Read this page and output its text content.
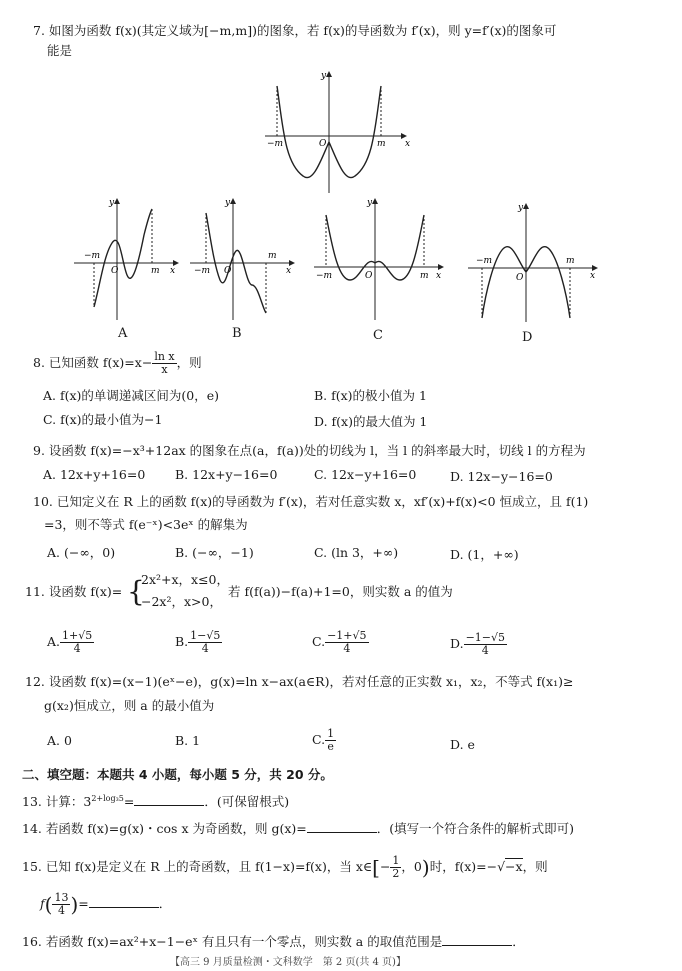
7. 如图为函数 f(x)(其定义域为[−m,m])的图象，若 f(x)的导函数为 f′(x)，则 y=f′(x)的图象可
能是
−m	m
O	x
y
−m
m
O	x
y
−m
m
O	x
y
−m	m
O	x
y
−m	m
O	x
y
A	B	C	D
8. 已知函数 $f(x)=x- \frac{\text{ln x}}{x}$ ，则
A. f(x)的单调递减区间为(0，e)	B. f(x)的极小值为 1
C. f(x)的最小值为−1	D. f(x)的最大值为 1
9. 设函数 f(x)=−x³+12ax 的图象在点(a，f(a))处的切线为 l，当 l 的斜率最大时，切线 l 的方程为
A. 12x+y+16=0 B. 12x+y−16=0	C. 12x−y+16=0	D. 12x−y−16=0
10. 已知定义在 R 上的函数 f(x)的导函数为 f′(x)，若对任意实数 x，xf′(x)+f(x)<0 恒成立，且 f(1)
=3，则不等式 f(e⁻ˣ)<3eˣ 的解集为
A. (−∞，0)	B. (−∞，−1)	C. (ln 3，+∞)	D. (1，+∞)
11. 设函数 f(x)= {
2x²+x，x≤0，
−2x²，x>0，
若 f(f(a))−f(a)+1=0，则实数 a 的值为
A. $\frac{1+√5}{4}$	B. $\frac{1-√5}{4}$	C. $\frac{-1+√5}{4}$	D. $\frac{-1-√5}{4}$
12. 设函数 f(x)=(x−1)(eˣ−e)，g(x)=ln x−ax(a∈R)，若对任意的正实数 x₁，x₂，不等式 f(x₁)≥
g(x₂)恒成立，则 a 的最小值为
A. 0	B. 1	C. $\frac{1}{e}$	D. e
二、填空题：本题共 4 小题，每小题 5 分，共 20 分。
13. 计算：$3^{2+log_35}=$	．(可保留根式)
14. 若函数 f(x)=g(x)・cos x 为奇函数，则 g(x)=	．(填写一个符合条件的解析式即可)
15. 已知 f(x)是定义在 R 上的奇函数，且 f(1−x)=f(x)，当 x∈[− $\frac{1}{2}$ ，0)时，f(x)=−√−x，则
$f( \frac{13}{4}$ )=	．
16. 若函数 f(x)=ax²+x−1−eˣ 有且只有一个零点，则实数 a 的取值范围是	．
【高三 9 月质量检测・文科数学　第 2 页(共 4 页)】
